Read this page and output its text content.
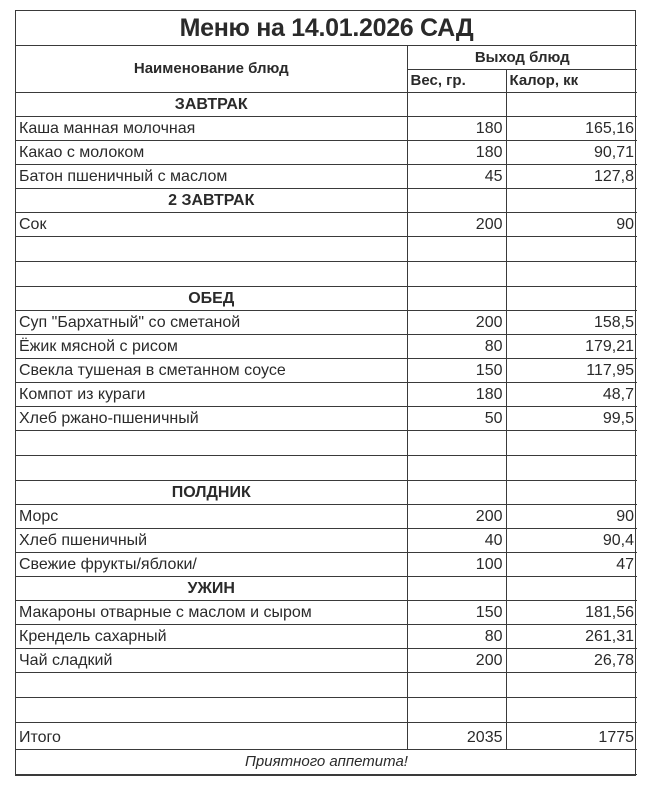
Меню на 14.01.2026 САД		
Наименование блюд	Выход блюд	
	Вес, гр.	Калор, кк
ЗАВТРАК		
Каша манная молочная	180	165,16
Какао с молоком	180	90,71
Батон пшеничный с маслом	45	127,8
2 ЗАВТРАК		
Сок	200	90

ОБЕД		
Суп "Бархатный" со сметаной	200	158,5
Ёжик мясной с рисом	80	179,21
Свекла тушеная в сметанном соусе	150	117,95
Компот из кураги	180	48,7
Хлеб ржано-пшеничный	50	99,5

ПОЛДНИК		
Морс	200	90
Хлеб пшеничный	40	90,4
Свежие фрукты/яблоки/	100	47
УЖИН		
Макароны отварные с маслом и сыром	150	181,56
Крендель сахарный	80	261,31
Чай сладкий	200	26,78

Итого	2035	1775
Приятного аппетита!		
